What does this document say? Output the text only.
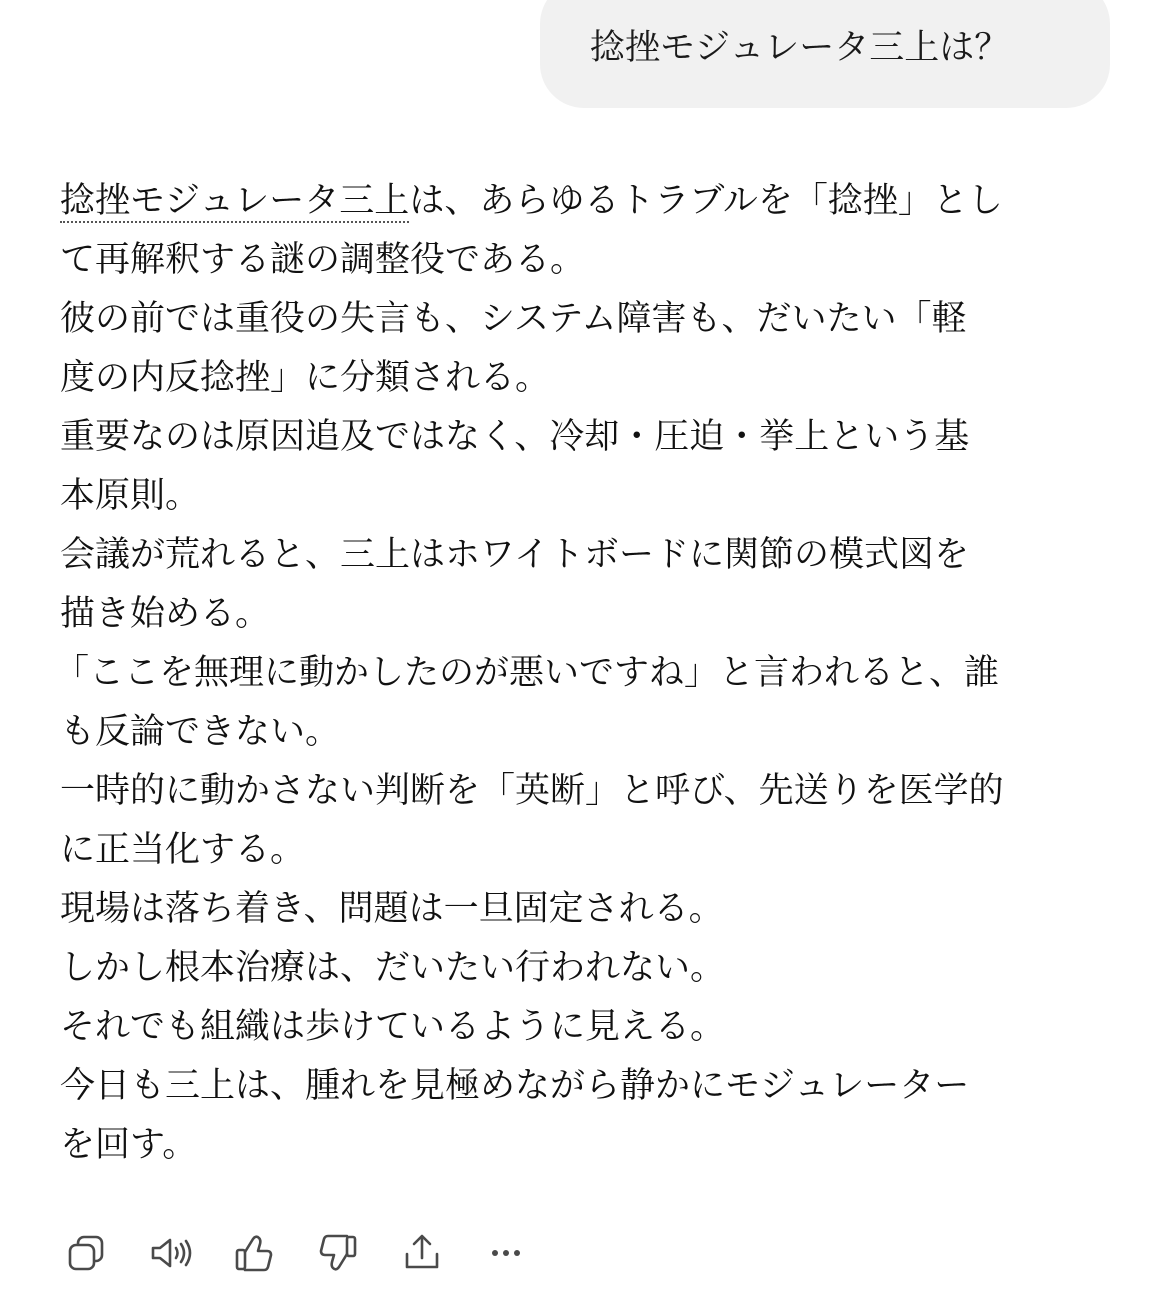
捻挫モジュレータ三上は？
捻挫モジュレータ三上は、あらゆるトラブルを「捻挫」とし
て再解釈する謎の調整役である。
彼の前では重役の失言も、システム障害も、だいたい「軽
度の内反捻挫」に分類される。
重要なのは原因追及ではなく、冷却・圧迫・挙上という基
本原則。
会議が荒れると、三上はホワイトボードに関節の模式図を
描き始める。
「ここを無理に動かしたのが悪いですね」と言われると、誰
も反論できない。
一時的に動かさない判断を「英断」と呼び、先送りを医学的
に正当化する。
現場は落ち着き、問題は一旦固定される。
しかし根本治療は、だいたい行われない。
それでも組織は歩けているように見える。
今日も三上は、腫れを見極めながら静かにモジュレーター
を回す。
